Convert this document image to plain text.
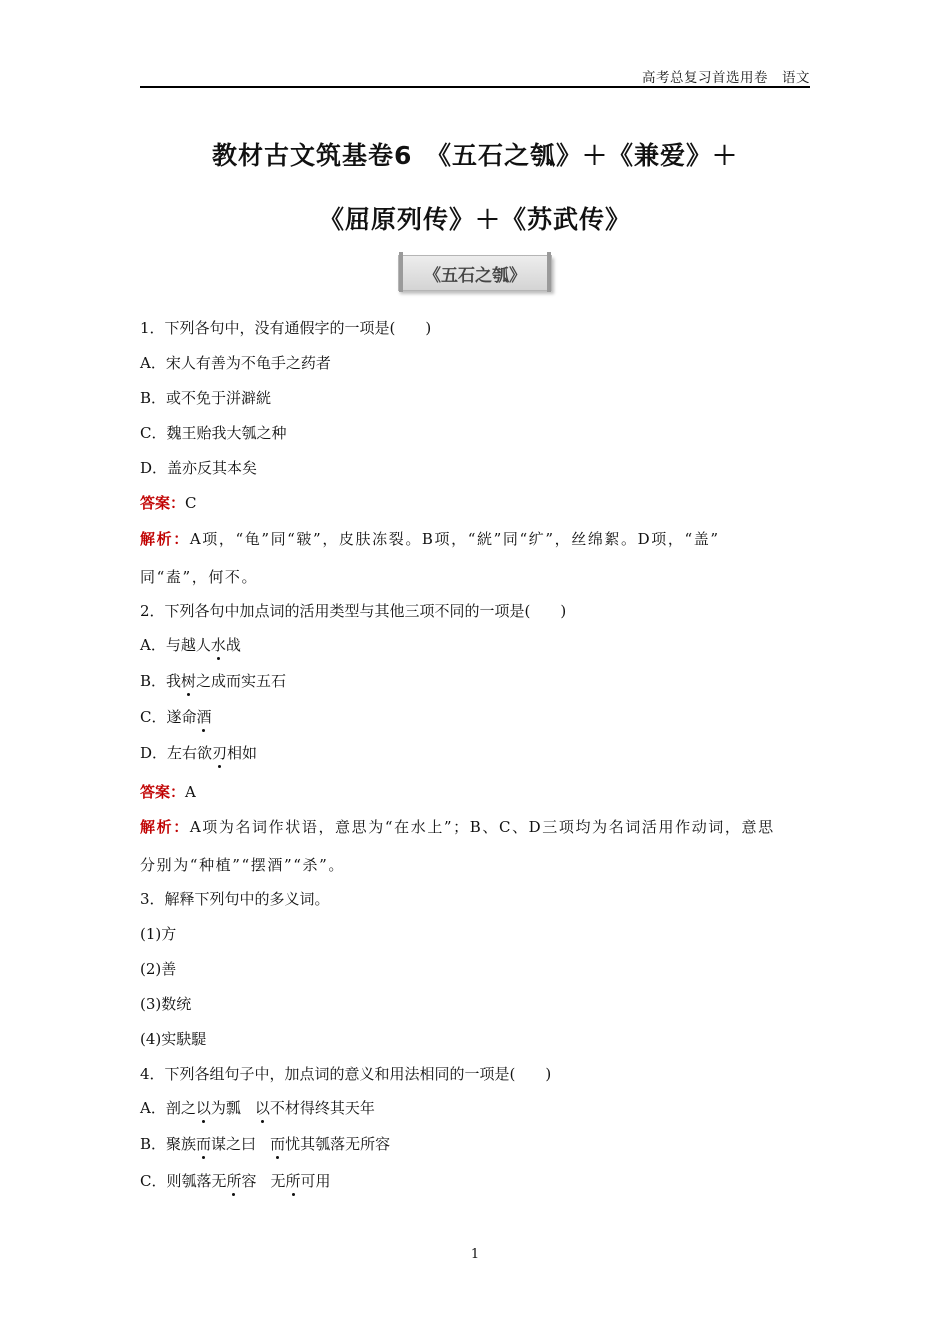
高考总复习首选用卷　语文
教材古文筑基卷6　《五石之瓠》＋《兼爱》＋
《屈原列传》＋《苏武传》
《五石之瓠》
1．下列各句中，没有通假字的一项是(　　)
A．宋人有善为不龟手之药者
B．或不免于洴澼絖
C．魏王贻我大瓠之种
D．盖亦反其本矣
答案：C
解析：A项，“龟”同“皲”，皮肤冻裂。B项，“絖”同“纩”，丝绵絮。D项，“盖”
同“盍”，何不。
2．下列各句中加点词的活用类型与其他三项不同的一项是(　　)
A．与越人水战
B．我树之成而实五石
C．遂命酒
D．左右欲刃相如
答案：A
解析：A项为名词作状语，意思为“在水上”；B、C、D三项均为名词活用作动词，意思
分别为“种植”“摆酒”“杀”。
3．解释下列句中的多义词。
(1)方
(2)善
(3)数统
(4)实駃騠
4．下列各组句子中，加点词的意义和用法相同的一项是(　　)
A．剖之以为瓢 以不材得终其天年
B．聚族而谋之曰 而忧其瓠落无所容
C．则瓠落无所容 无所可用
1
